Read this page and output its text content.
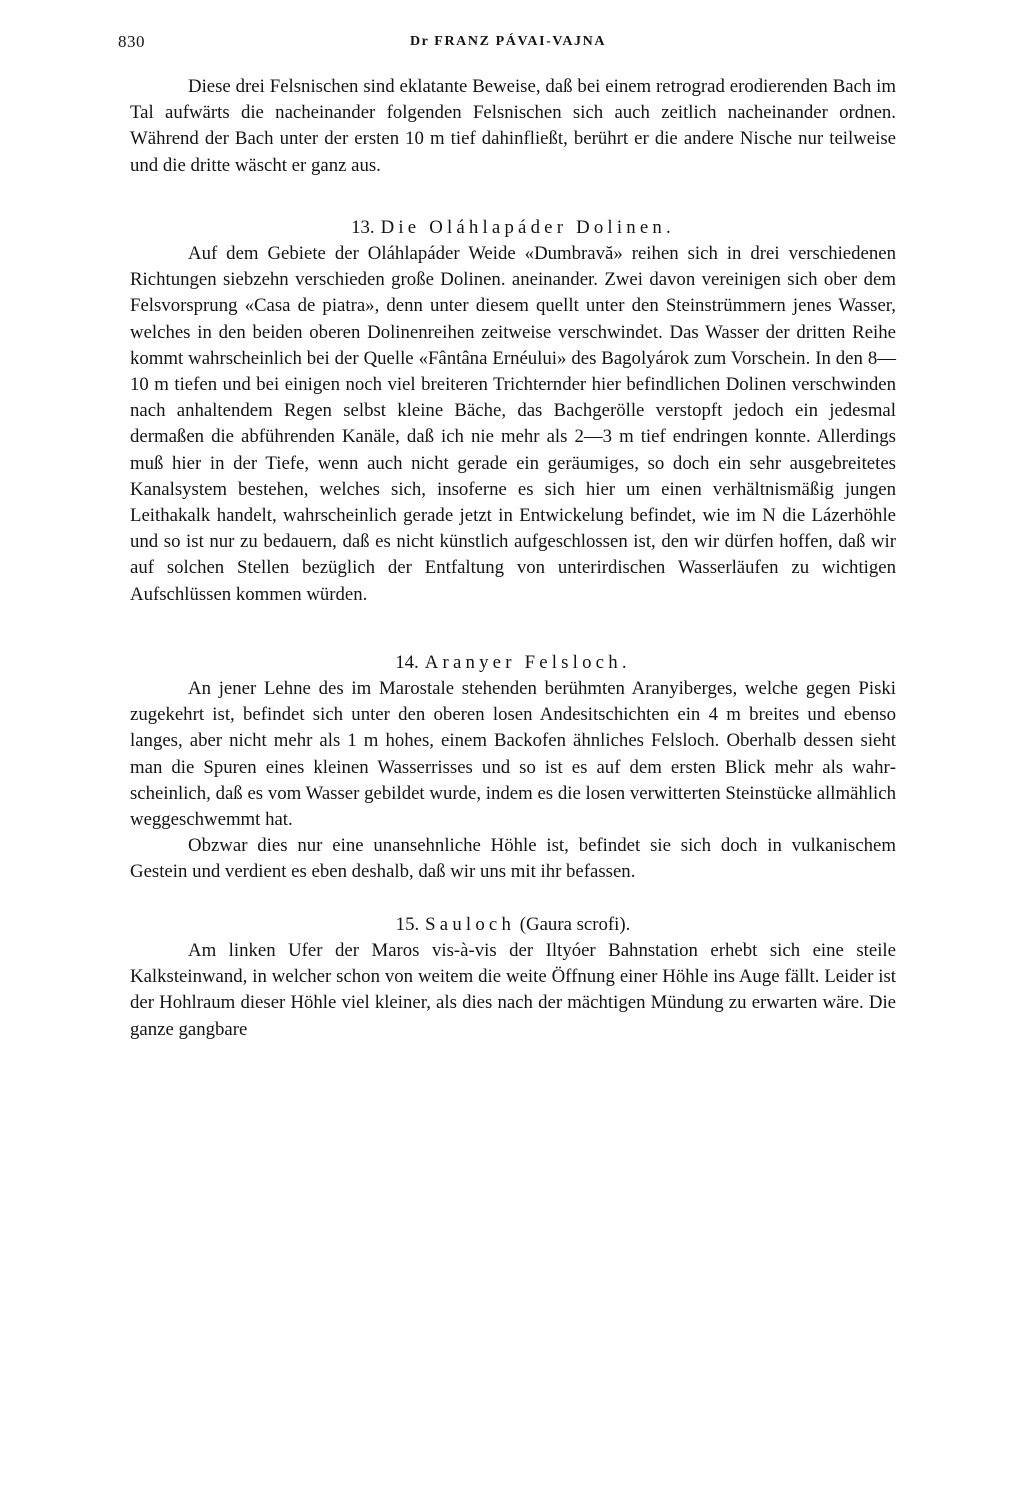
830	Dr FRANZ PÁVAI-VAJNA

Diese drei Felsnischen sind eklatante Beweise, daß bei einem retrograd erodierenden Bach im Tal aufwärts die nacheinander folgenden Felsnischen sich auch zeitlich nacheinander ordnen. Während der Bach unter der ersten 10 m tief dahinfließt, berührt er die andere Nische nur teilweise und die dritte wäscht er ganz aus.

13. Die Oláhlapáder Dolinen.

Auf dem Gebiete der Oláhlapáder Weide «Dumbravă» reihen sich in drei verschiedenen Richtungen siebzehn verschieden große Dolinen. aneinander. Zwei davon vereinigen sich ober dem Felsvorsprung «Casa de piatra», denn unter diesem quellt unter den Steinstrümmern jenes Wasser, welches in den beiden oberen Dolinenreihen zeitweise verschwindet. Das Wasser der dritten Reihe kommt wahrscheinlich bei der Quelle «Fântâna Ernéului» des Bagolyárok zum Vorschein. In den 8—10 m tiefen und bei einigen noch viel breiteren Trichternder hier befindlichen Dolinen verschwinden nach anhaltendem Regen selbst kleine Bäche, das Bachgerölle verstopft jedoch ein jedesmal dermaßen die abführenden Kanäle, daß ich nie mehr als 2—3 m tief endringen konnte. Allerdings muß hier in der Tiefe, wenn auch nicht gerade ein geräumiges, so doch ein sehr ausgebreitetes Kanalsystem bestehen, welches sich, insoferne es sich hier um einen verhältnismäßig jungen Leithakalk handelt, wahrscheinlich gerade jetzt in Entwickelung befindet, wie im N die Lázerhöhle und so ist nur zu bedauern, daß es nicht künstlich aufgeschlossen ist, den wir dürfen hoffen, daß wir auf solchen Stellen bezüglich der Entfaltung von unterirdischen Wasserläufen zu wichtigen Aufschlüssen kommen würden.

14. Aranyer Felsloch.

An jener Lehne des im Marostale stehenden berühmten Aranyiberges, welche gegen Piski zugekehrt ist, befindet sich unter den oberen losen Andesitschichten ein 4 m breites und ebenso langes, aber nicht mehr als 1 m hohes, einem Backofen ähnliches Felsloch. Oberhalb dessen sieht man die Spuren eines kleinen Wasserrisses und so ist es auf dem ersten Blick mehr als wahrscheinlich, daß es vom Wasser gebildet wurde, indem es die losen verwitterten Steinstücke allmählich weggeschwemmt hat.

Obzwar dies nur eine unansehnliche Höhle ist, befindet sie sich doch in vulkanischem Gestein und verdient es eben deshalb, daß wir uns mit ihr befassen.

15. Sauloch (Gaura scrofi).

Am linken Ufer der Maros vis-à-vis der Iltyóer Bahnstation erhebt sich eine steile Kalksteinwand, in welcher schon von weitem die weite Öffnung einer Höhle ins Auge fällt. Leider ist der Hohlraum dieser Höhle viel kleiner, als dies nach der mächtigen Mündung zu erwarten wäre. Die ganze gangbare
